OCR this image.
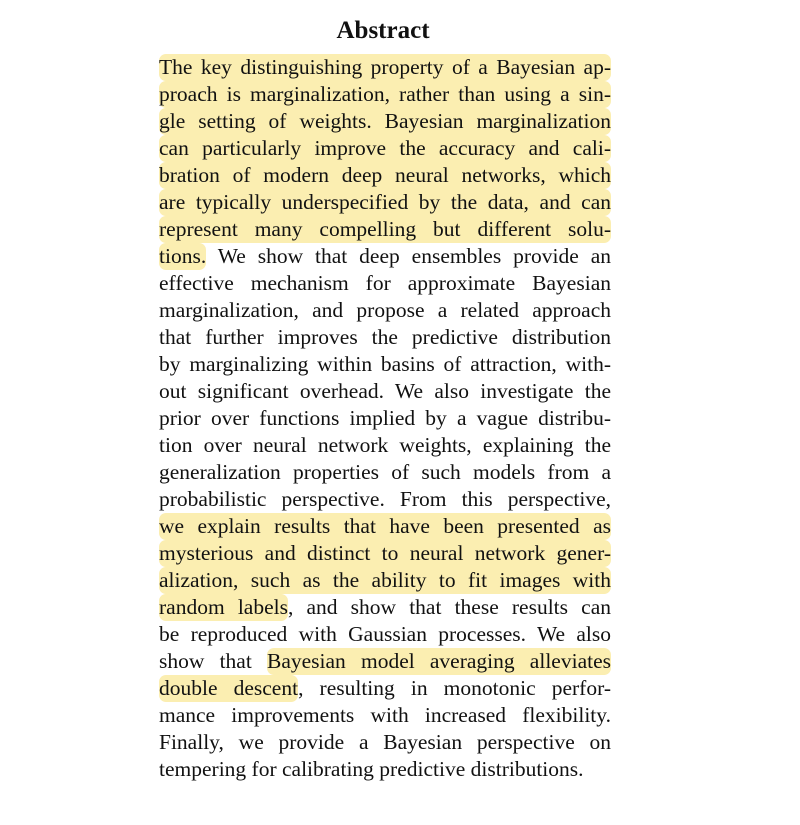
Abstract
The key distinguishing property of a Bayesian ap-
proach is marginalization, rather than using a sin-
gle setting of weights. Bayesian marginalization
can particularly improve the accuracy and cali-
bration of modern deep neural networks, which
are typically underspecified by the data, and can
represent many compelling but different solu-
tions. We show that deep ensembles provide an
effective mechanism for approximate Bayesian
marginalization, and propose a related approach
that further improves the predictive distribution
by marginalizing within basins of attraction, with-
out significant overhead. We also investigate the
prior over functions implied by a vague distribu-
tion over neural network weights, explaining the
generalization properties of such models from a
probabilistic perspective. From this perspective,
we explain results that have been presented as
mysterious and distinct to neural network gener-
alization, such as the ability to fit images with
random labels, and show that these results can
be reproduced with Gaussian processes. We also
show that Bayesian model averaging alleviates
double descent, resulting in monotonic perfor-
mance improvements with increased flexibility.
Finally, we provide a Bayesian perspective on
tempering for calibrating predictive distributions.
